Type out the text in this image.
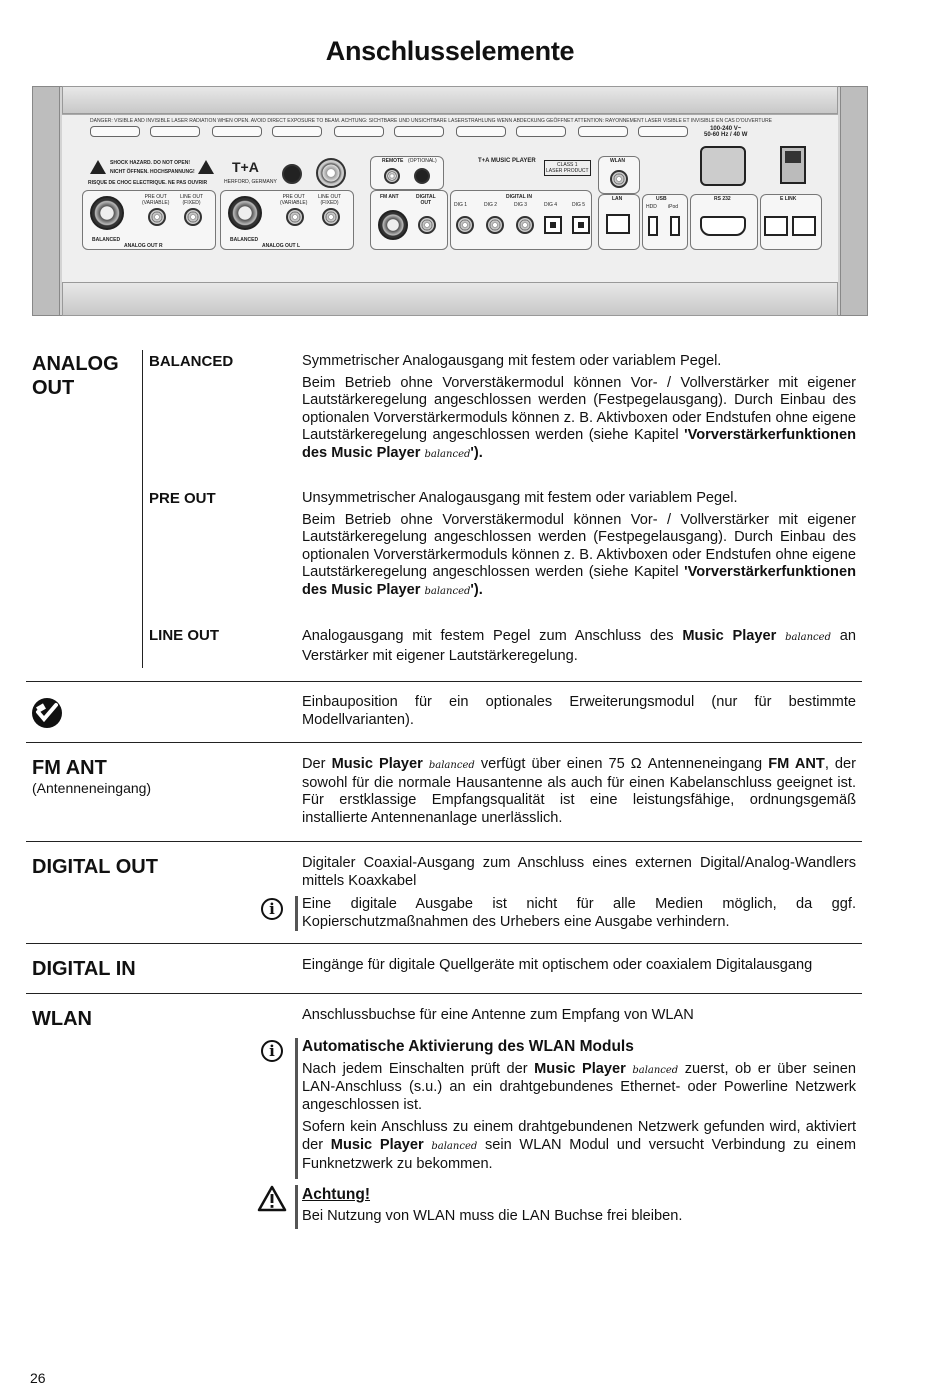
Anschlusselemente
DANGER: VISIBLE AND INVISIBLE LASER RADIATION WHEN OPEN. AVOID DIRECT EXPOSURE TO BEAM. ACHTUNG: SICHTBARE UND UNSICHTBARE LASERSTRAHLUNG WENN ABDECKUNG GEÖFFNET ATTENTION: RAYONNEMENT LASER VISIBLE ET INVISIBLE EN CAS D'OUVERTURE
SHOCK HAZARD. DO NOT OPEN!
NICHT ÖFFNEN. HOCHSPANNUNG!
RISQUE DE CHOC ELECTRIQUE. NE PAS OUVRIR
T+A
HERFORD, GERMANY
PRE OUT
(VARIABLE)
LINE OUT
(FIXED)
BALANCED
ANALOG OUT R
PRE OUT
(VARIABLE)
LINE OUT
(FIXED)
BALANCED
ANALOG OUT L
REMOTE (OPTIONAL)
FM ANT	DIGITAL
OUT	DIG 1	DIG 2	DIG 3
DIGITAL IN
DIG 4	DIG 5
T+A MUSIC PLAYER
CLASS 1
LASER PRODUCT
WLAN
LAN	USB
HDD iPod
RS 232	E LINK
100-240 V~
50-60 Hz / 40 W
ANALOG
OUT
BALANCED	Symmetrischer Analogausgang mit festem oder variablem Pegel.
Beim Betrieb ohne Vorverstäkermodul können Vor- / Vollverstärker mit eigener Lautstärkeregelung angeschlossen werden (Festpegelausgang). Durch Einbau des optionalen Vorverstärkermoduls können z. B. Aktivboxen oder Endstufen ohne eigene Lautstärkeregelung angeschlossen werden (siehe Kapitel 'Vorverstärkerfunktionen des Music Player balanced').
PRE OUT	Unsymmetrischer Analogausgang mit festem oder variablem Pegel.
Beim Betrieb ohne Vorverstäkermodul können Vor- / Vollverstärker mit eigener Lautstärkeregelung angeschlossen werden (Festpegelausgang). Durch Einbau des optionalen Vorverstärkermoduls können z. B. Aktivboxen oder Endstufen ohne eigene Lautstärkeregelung angeschlossen werden (siehe Kapitel 'Vorverstärkerfunktionen des Music Player balanced').
LINE OUT	Analogausgang mit festem Pegel zum Anschluss des Music Player balanced an Verstärker mit eigener Lautstärkeregelung.
Einbauposition für ein optionales Erweiterungsmodul (nur für bestimmte Modellvarianten).
FM ANT
(Antenneneingang)
Der Music Player balanced verfügt über einen 75 Ω Antenneneingang FM ANT, der sowohl für die normale Hausantenne als auch für einen Kabelanschluss geeignet ist. Für erstklassige Empfangsqualität ist eine leistungsfähige, ordnungsgemäß installierte Antennenanlage unerlässlich.
DIGITAL OUT	Digitaler Coaxial-Ausgang zum Anschluss eines externen Digital/Analog-Wandlers mittels Koaxkabel
i	Eine digitale Ausgabe ist nicht für alle Medien möglich, da ggf. Kopierschutzmaßnahmen des Urhebers eine Ausgabe verhindern.
DIGITAL IN	Eingänge für digitale Quellgeräte mit optischem oder coaxialem Digitalausgang
WLAN	Anschlussbuchse für eine Antenne zum Empfang von WLAN
i	Automatische Aktivierung des WLAN Moduls
Nach jedem Einschalten prüft der Music Player balanced zuerst, ob er über seinen LAN-Anschluss (s.u.) an ein drahtgebundenes Ethernet- oder Powerline Netzwerk angeschlossen ist.
Sofern kein Anschluss zu einem drahtgebundenen Netzwerk gefunden wird, aktiviert der Music Player balanced sein WLAN Modul und versucht Verbindung zu einem Funknetzwerk zu bekommen.
Achtung!
Bei Nutzung von WLAN muss die LAN Buchse frei bleiben.
26
